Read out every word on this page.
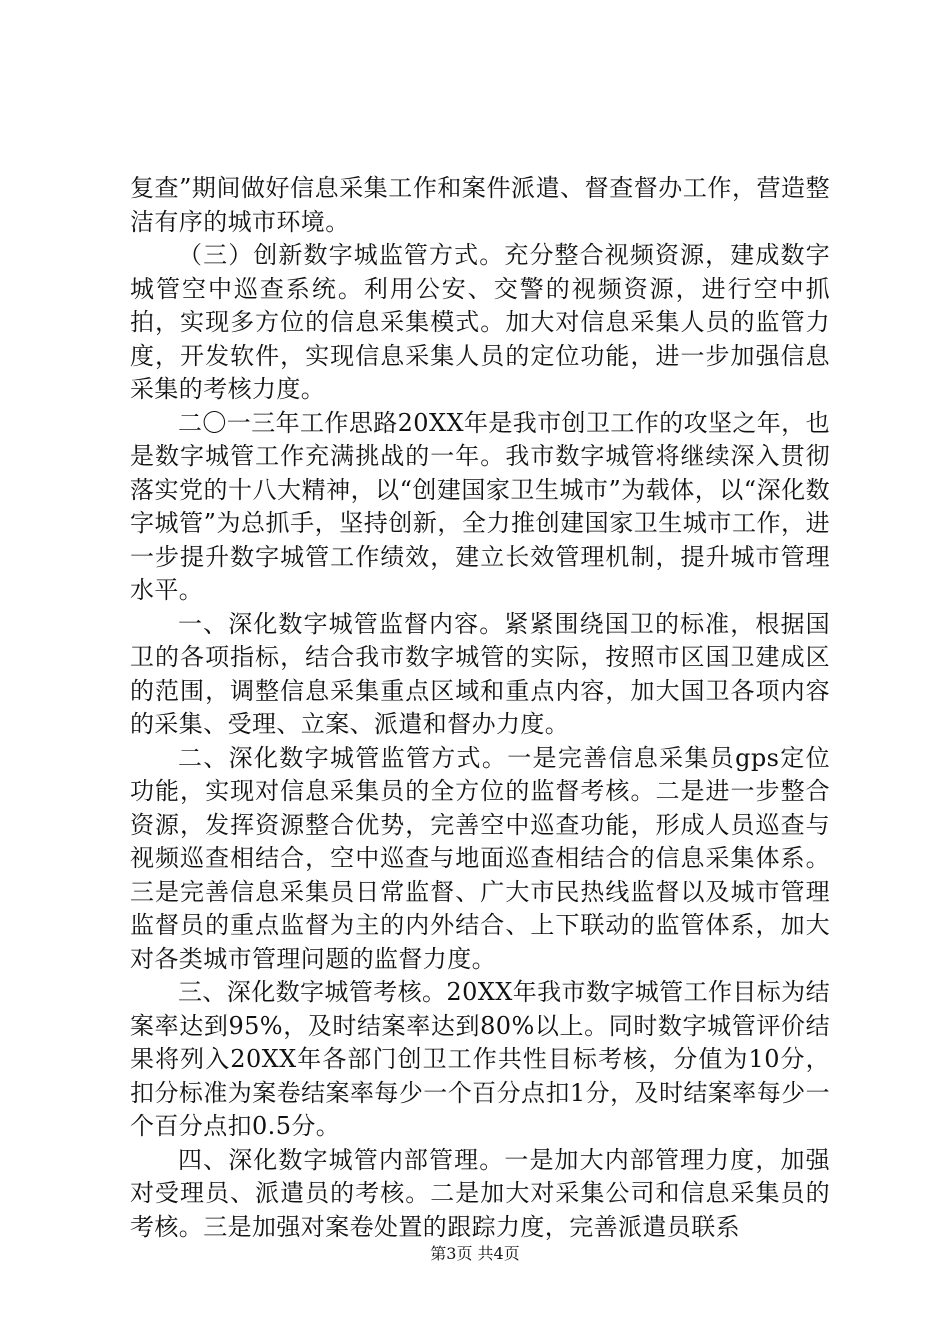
复查”期间做好信息采集工作和案件派遣、督查督办工作，营造整洁有序的城市环境。

（三）创新数字城监管方式。充分整合视频资源，建成数字城管空中巡查系统。利用公安、交警的视频资源，进行空中抓拍，实现多方位的信息采集模式。加大对信息采集人员的监管力度，开发软件，实现信息采集人员的定位功能，进一步加强信息采集的考核力度。

二〇一三年工作思路20XX年是我市创卫工作的攻坚之年，也是数字城管工作充满挑战的一年。我市数字城管将继续深入贯彻落实党的十八大精神，以“创建国家卫生城市”为载体，以“深化数字城管”为总抓手，坚持创新，全力推创建国家卫生城市工作，进一步提升数字城管工作绩效，建立长效管理机制，提升城市管理水平。

一、深化数字城管监督内容。紧紧围绕国卫的标准，根据国卫的各项指标，结合我市数字城管的实际，按照市区国卫建成区的范围，调整信息采集重点区域和重点内容，加大国卫各项内容的采集、受理、立案、派遣和督办力度。

二、深化数字城管监管方式。一是完善信息采集员gps定位功能，实现对信息采集员的全方位的监督考核。二是进一步整合资源，发挥资源整合优势，完善空中巡查功能，形成人员巡查与视频巡查相结合，空中巡查与地面巡查相结合的信息采集体系。三是完善信息采集员日常监督、广大市民热线监督以及城市管理监督员的重点监督为主的内外结合、上下联动的监管体系，加大对各类城市管理问题的监督力度。

三、深化数字城管考核。20XX年我市数字城管工作目标为结案率达到95%，及时结案率达到80%以上。同时数字城管评价结果将列入20XX年各部门创卫工作共性目标考核，分值为10分，扣分标准为案卷结案率每少一个百分点扣1分，及时结案率每少一个百分点扣0.5分。

四、深化数字城管内部管理。一是加大内部管理力度，加强对受理员、派遣员的考核。二是加大对采集公司和信息采集员的考核。三是加强对案卷处置的跟踪力度，完善派遣员联系

第3页 共4页
